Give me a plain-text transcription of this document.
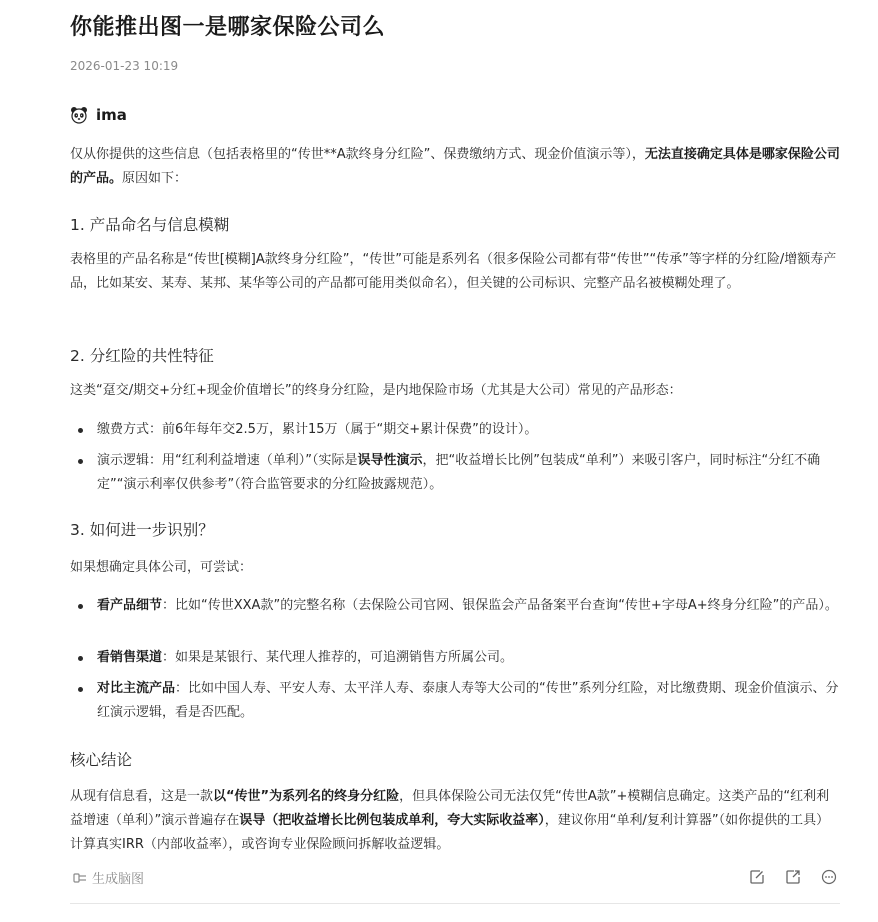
你能推出图一是哪家保险公司么
2026-01-23 10:19
ima
仅从你提供的这些信息（包括表格里的“传世**A款终身分红险”、保费缴纳方式、现金价值演示等），无法直接确定具体是哪家保险公司的产品。原因如下：
1. 产品命名与信息模糊
表格里的产品名称是“传世[模糊]A款终身分红险”，“传世”可能是系列名（很多保险公司都有带“传世”“传承”等字样的分红险/增额寿产品，比如某安、某寿、某邦、某华等公司的产品都可能用类似命名），但关键的公司标识、完整产品名被模糊处理了。
2. 分红险的共性特征
这类“趸交/期交+分红+现金价值增长”的终身分红险，是内地保险市场（尤其是大公司）常见的产品形态：
缴费方式：前6年每年交2.5万，累计15万（属于“期交+累计保费”的设计）。
演示逻辑：用“红利利益增速（单利）”（实际是误导性演示，把“收益增长比例”包装成“单利”）来吸引客户，同时标注“分红不确定”“演示利率仅供参考”（符合监管要求的分红险披露规范）。
3. 如何进一步识别？
如果想确定具体公司，可尝试：
看产品细节：比如“传世XXA款”的完整名称（去保险公司官网、银保监会产品备案平台查询“传世+字母A+终身分红险”的产品）。
看销售渠道：如果是某银行、某代理人推荐的，可追溯销售方所属公司。
对比主流产品：比如中国人寿、平安人寿、太平洋人寿、泰康人寿等大公司的“传世”系列分红险，对比缴费期、现金价值演示、分红演示逻辑，看是否匹配。
核心结论
从现有信息看，这是一款以“传世”为系列名的终身分红险，但具体保险公司无法仅凭“传世A款”+模糊信息确定。这类产品的“红利利益增速（单利）”演示普遍存在误导（把收益增长比例包装成单利，夸大实际收益率），建议你用“单利/复利计算器”（如你提供的工具）计算真实IRR（内部收益率），或咨询专业保险顾问拆解收益逻辑。
生成脑图
